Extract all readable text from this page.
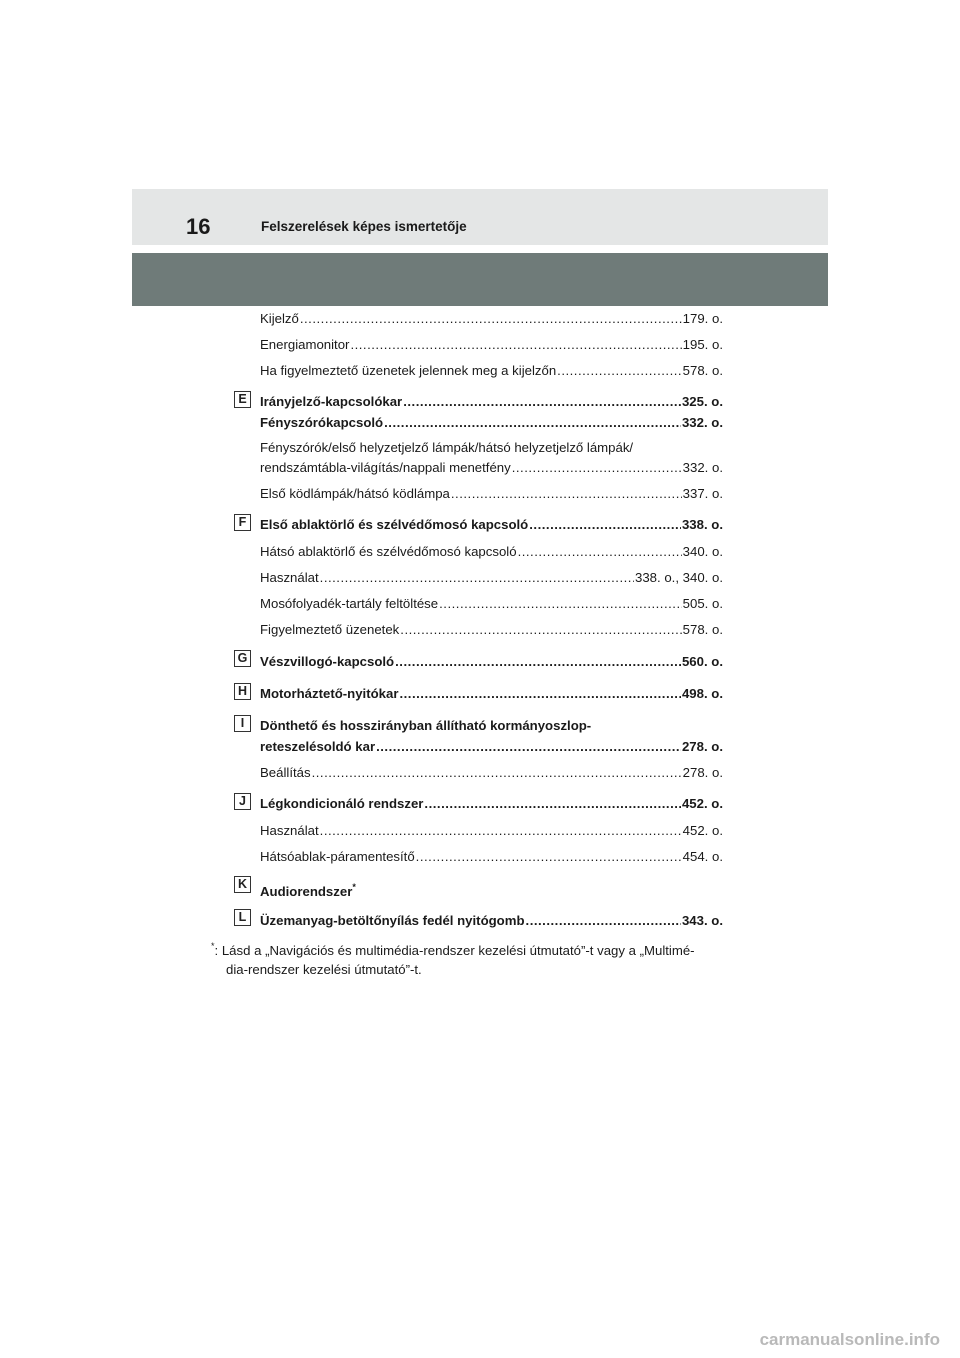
16	Felszerelések képes ismertetője
Kijelző .....	179. o.
Energiamonitor .....	195. o.
Ha figyelmeztető üzenetek jelennek meg a kijelzőn .....	578. o.
E	Irányjelző-kapcsolókar .....	325. o.
Fényszórókapcsoló .....	332. o.
Fényszórók/első helyzetjelző lámpák/hátsó helyzetjelző lámpák/
rendszámtábla-világítás/nappali menetfény .....	332. o.
Első ködlámpák/hátsó ködlámpa .....	337. o.
F	Első ablaktörlő és szélvédőmosó kapcsoló .....	338. o.
Hátsó ablaktörlő és szélvédőmosó kapcsoló .....	340. o.
Használat .....	338. o., 340. o.
Mosófolyadék-tartály feltöltése .....	505. o.
Figyelmeztető üzenetek .....	578. o.
G Vészvillogó-kapcsoló .....	560. o.
H Motorháztető-nyitókar .....	498. o.
I	Dönthető és hosszirányban állítható kormányoszlop-
reteszelésoldó kar .....	278. o.
Beállítás .....	278. o.
J	Légkondicionáló rendszer .....	452. o.
Használat .....	452. o.
Hátsóablak-páramentesítő .....	454. o.
K Audiorendszer*
L	Üzemanyag-betöltőnyílás fedél nyitógomb .....	343. o.
*: Lásd a „Navigációs és multimédia-rendszer kezelési útmutató”-t vagy a „Multimé-
dia-rendszer kezelési útmutató”-t.
carmanualsonline.info
